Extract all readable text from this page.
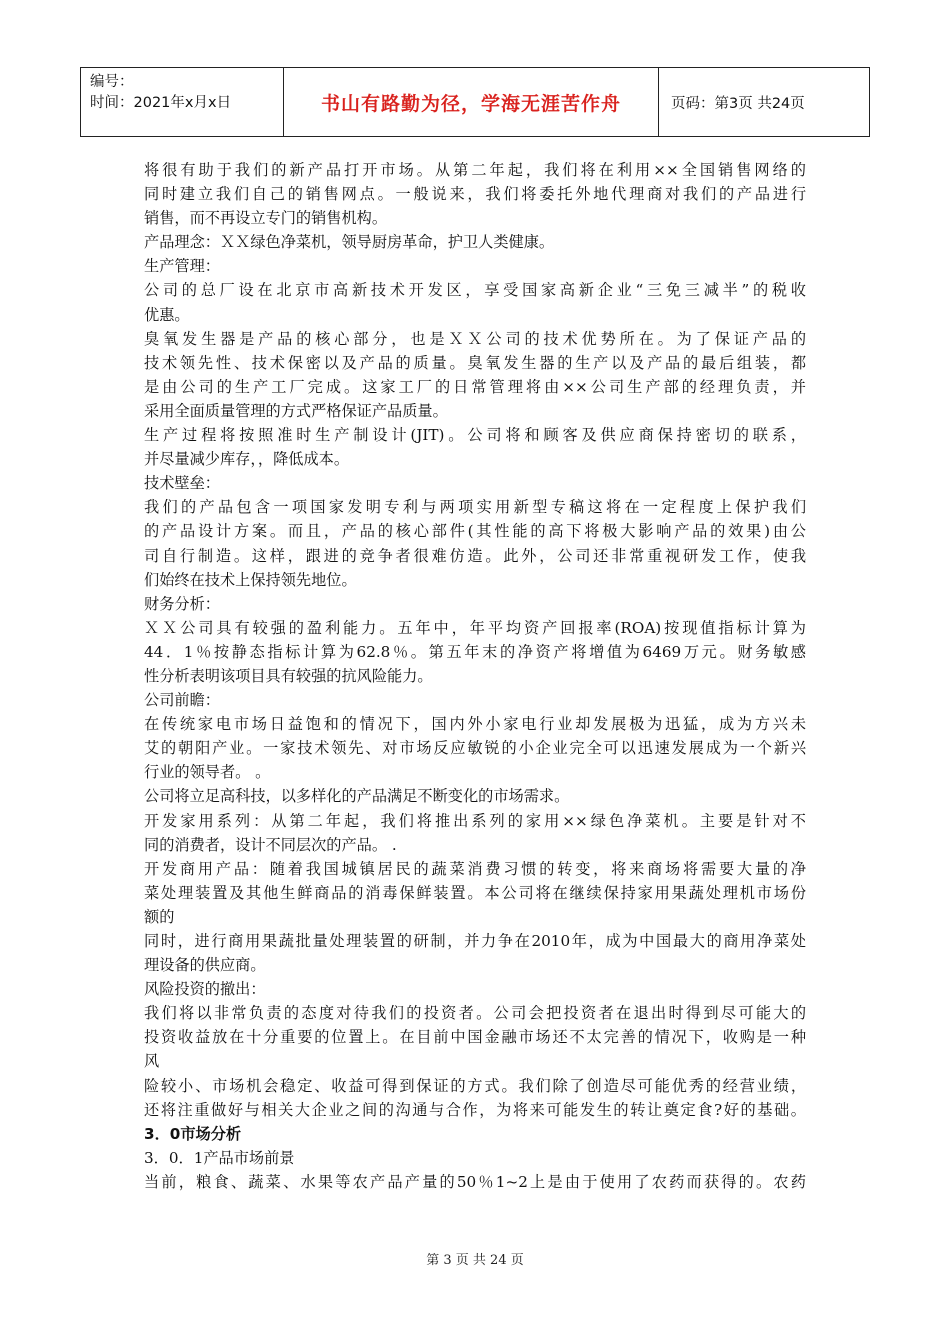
编号：
时间：2021年x月x日	书山有路勤为径，学海无涯苦作舟	页码：第3页 共24页
将很有助于我们的新产品打开市场。从第二年起，我们将在利用××全国销售网络的
同时建立我们自己的销售网点。一般说来，我们将委托外地代理商对我们的产品进行
销售，而不再设立专门的销售机构。
产品理念：ＸＸ绿色净菜机，领导厨房革命，护卫人类健康。
生产管理：
公司的总厂设在北京市高新技术开发区，享受国家高新企业“三免三减半”的税收
优惠。
臭氧发生器是产品的核心部分，也是ＸＸ公司的技术优势所在。为了保证产品的
技术领先性、技术保密以及产品的质量。臭氧发生器的生产以及产品的最后组装，都
是由公司的生产工厂完成。这家工厂的日常管理将由××公司生产部的经理负责，并
采用全面质量管理的方式严格保证产品质量。
生产过程将按照准时生产制设计(JIT)。公司将和顾客及供应商保持密切的联系，
并尽量减少库存，，降低成本。
技术壁垒：
我们的产品包含一项国家发明专利与两项实用新型专稿这将在一定程度上保护我们
的产品设计方案。而且，产品的核心部件(其性能的高下将极大影响产品的效果)由公
司自行制造。这样，跟进的竞争者很难仿造。此外，公司还非常重视研发工作，使我
们始终在技术上保持领先地位。
财务分析：
ＸＸ公司具有较强的盈利能力。五年中，年平均资产回报率(ROA)按现值指标计算为
44．1％按静态指标计算为62.8％。第五年末的净资产将增值为6469万元。财务敏感
性分析表明该项目具有较强的抗风险能力。
公司前瞻：
在传统家电市场日益饱和的情况下，国内外小家电行业却发展极为迅猛，成为方兴未
艾的朝阳产业。一家技术领先、对市场反应敏锐的小企业完全可以迅速发展成为一个新兴
行业的领导者。 。
公司将立足高科技，以多样化的产品满足不断变化的市场需求。
开发家用系列：从第二年起，我们将推出系列的家用××绿色净菜机。主要是针对不
同的消费者，设计不同层次的产品。 .
开发商用产品：随着我国城镇居民的蔬菜消费习惯的转变，将来商场将需要大量的净
菜处理装置及其他生鲜商品的消毒保鲜装置。本公司将在继续保持家用果蔬处理机市场份
额的
同时，进行商用果蔬批量处理装置的研制，并力争在2010年，成为中国最大的商用净菜处
理设备的供应商。
风险投资的撤出：
我们将以非常负责的态度对待我们的投资者。公司会把投资者在退出时得到尽可能大的
投资收益放在十分重要的位置上。在目前中国金融市场还不太完善的情况下，收购是一种
风
险较小、市场机会稳定、收益可得到保证的方式。我们除了创造尽可能优秀的经营业绩，
还将注重做好与相关大企业之间的沟通与合作，为将来可能发生的转让奠定食?好的基础。
3．0市场分析
3．0．1产品市场前景
当前，粮食、蔬菜、水果等农产品产量的50％1~2上是由于使用了农药而获得的。农药
第 3 页 共 24 页
